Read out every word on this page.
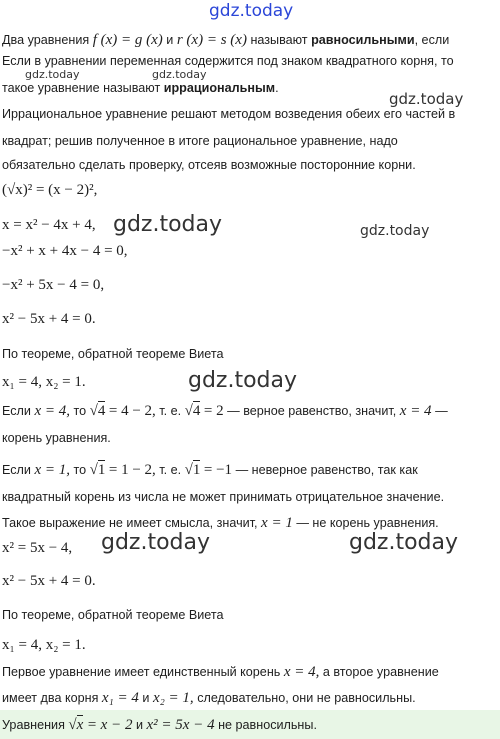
gdz.today
Два уравнения f (x) = g (x) и r (x) = s (x) называют равносильными, если
Если в уравнении переменная содержится под знаком квадратного корня, то
gdz.today	gdz.today
такое уравнение называют иррациональным.
gdz.today
Иррациональное уравнение решают методом возведения обеих его частей в
квадрат; решив полученное в итоге рациональное уравнение, надо
обязательно сделать проверку, отсеяв возможные посторонние корни.
(√x)² = (x − 2)²,
x = x² − 4x + 4, gdz.today	gdz.today
−x² + x + 4x − 4 = 0,
−x² + 5x − 4 = 0,
x² − 5x + 4 = 0.
По теореме, обратной теореме Виета
x₁ = 4, x₂ = 1.	gdz.today
Если x = 4, то √4 = 4 − 2, т. е. √4 = 2 — верное равенство, значит, x = 4 —
корень уравнения.
Если x = 1, то √1 = 1 − 2, т. е. √1 = −1 — неверное равенство, так как
квадратный корень из числа не может принимать отрицательное значение.
Такое выражение не имеет смысла, значит, x = 1 — не корень уравнения.
x² = 5x − 4, gdz.today	gdz.today
x² − 5x + 4 = 0.
По теореме, обратной теореме Виета
x₁ = 4, x₂ = 1.
Первое уравнение имеет единственный корень x = 4, а второе уравнение
имеет два корня x₁ = 4 и x₂ = 1, следовательно, они не равносильны.
Уравнения √x = x − 2 и x² = 5x − 4 не равносильны.
